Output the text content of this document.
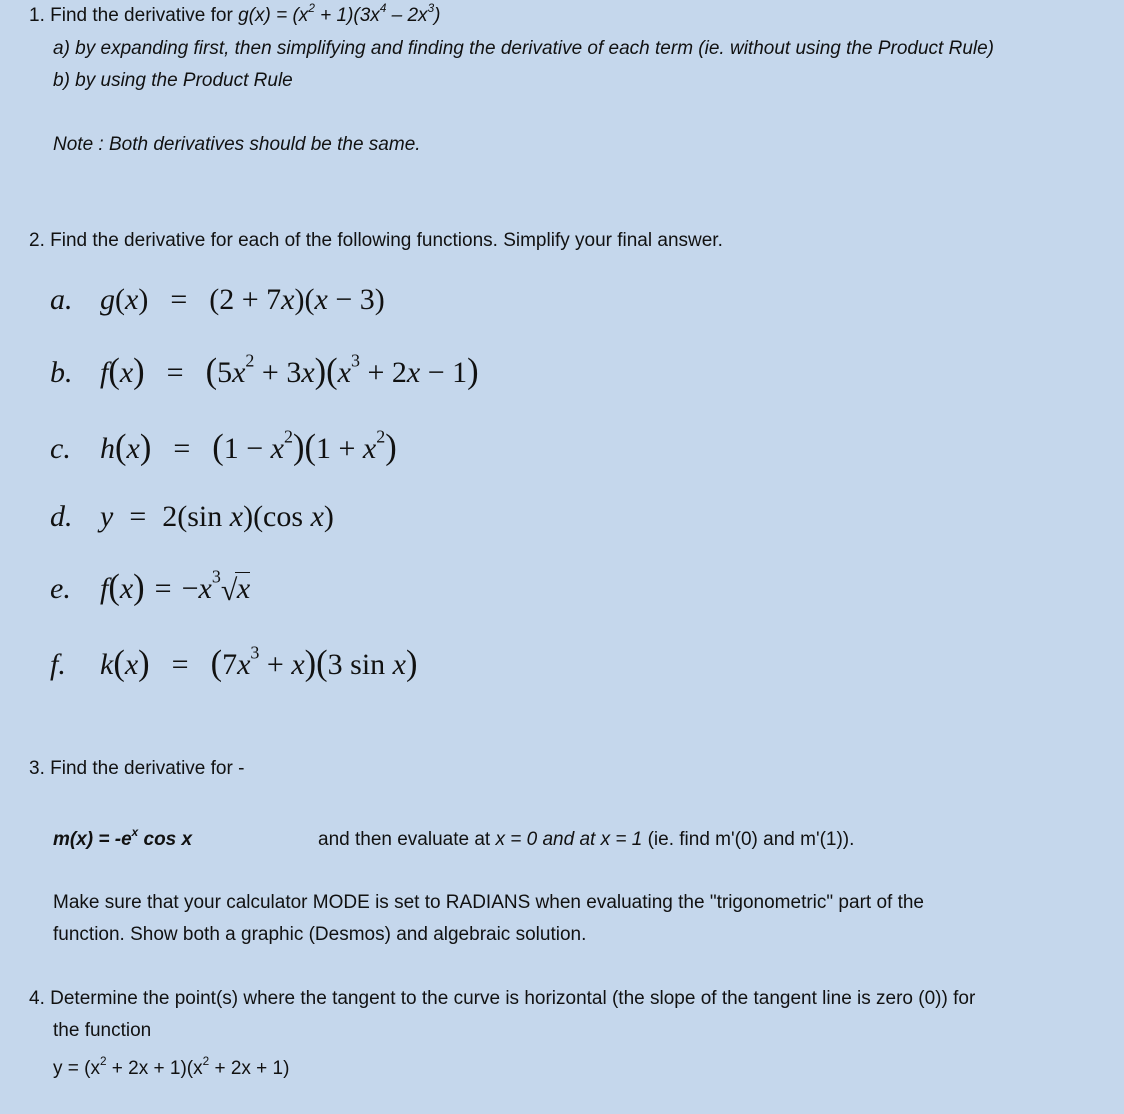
1. Find the derivative for $g(x) = (x^2 + 1)(3x^4 - 2x^3)$
a) by expanding first, then simplifying and finding the derivative of each term (ie. without using the Product Rule)
b) by using the Product Rule
Note : Both derivatives should be the same.
2. Find the derivative for each of the following functions. Simplify your final answer.
a. g(x) = (2 + 7x)(x − 3)
b. $f(x) = (5x^2 + 3x)(x^3 + 2x - 1)$
c. $h(x) = (1 - x^2)(1 + x^2)$
d. y = 2(sin x)(cos x)
e. $f(x) = -x^3$ √ x
f. $k(x) = (7x^3 + x)(3$ sin x)
3. Find the derivative for -
$m(x) = -e^x$ cos x	and then evaluate at x = 0 and at x = 1 (ie. find m'(0) and m'(1)).
Make sure that your calculator MODE is set to RADIANS when evaluating the "trigonometric" part of the
function. Show both a graphic (Desmos) and algebraic solution.
4. Determine the point(s) where the tangent to the curve is horizontal (the slope of the tangent line is zero (0)) for
the function
$y = (x^2 + 2x + 1)(x^2 + 2x + 1)$
